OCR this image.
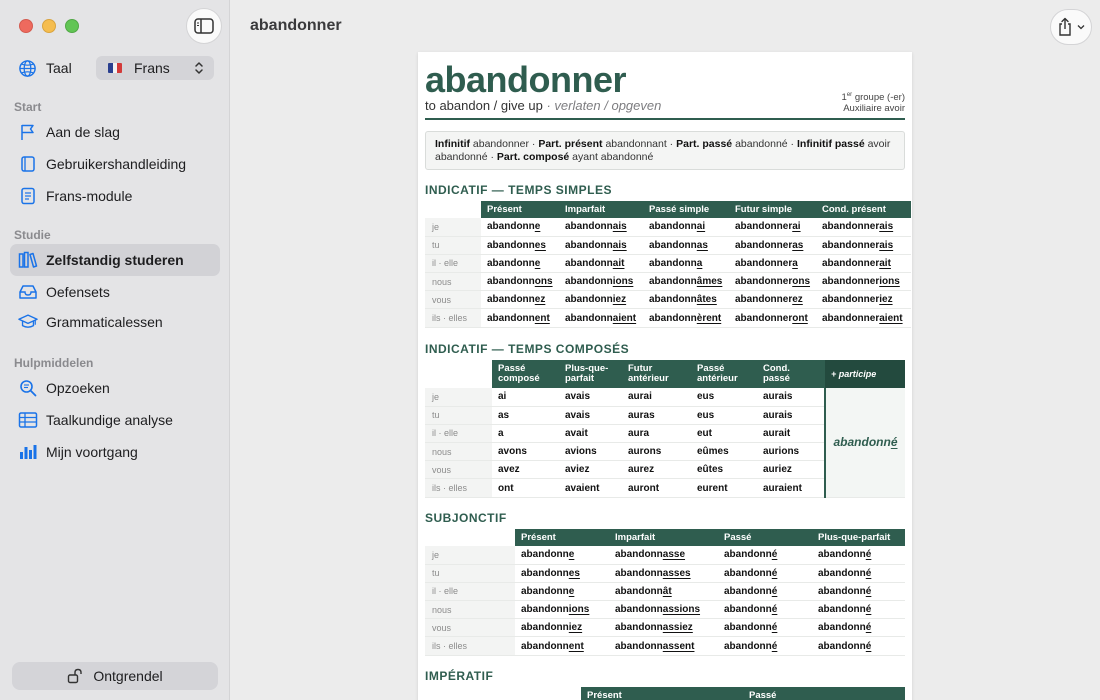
Taal	Frans
Start
Aan de slag
Gebruikershandleiding
Frans-module
Studie
Zelfstandig studeren
Oefensets
Grammaticalessen
Hulpmiddelen
Opzoeken
Taalkundige analyse
Mijn voortgang
Ontgrendel
abandonner
abandonner
to abandon / give up · verlaten / opgeven
1er groupe (-er)
Auxiliaire avoir
Infinitif abandonner · Part. présent abandonnant · Part. passé abandonné · Infinitif passé avoir abandonné · Part. composé ayant abandonné
INDICATIF — TEMPS SIMPLES
	Présent	Imparfait	Passé simple	Futur simple	Cond. présent
je	abandonne	abandonnais	abandonnai	abandonnerai	abandonnerais
tu	abandonnes	abandonnais	abandonnas	abandonneras	abandonnerais
il · elle	abandonne	abandonnait	abandonna	abandonnera	abandonnerait
nous	abandonnons	abandonnions	abandonnâmes	abandonnerons	abandonnerions
vous	abandonnez	abandonniez	abandonnâtes	abandonnerez	abandonneriez
ils · elles	abandonnent	abandonnaient	abandonnèrent	abandonneront	abandonneraient
INDICATIF — TEMPS COMPOSÉS
	Passé composé	Plus-que-parfait	Futur antérieur	Passé antérieur	Cond. passé	+ participe
je	ai	avais	aurai	eus	aurais	abandonné
tu	as	avais	auras	eus	aurais	
il · elle	a	avait	aura	eut	aurait	
nous	avons	avions	aurons	eûmes	aurions	
vous	avez	aviez	aurez	eûtes	auriez	
ils · elles	ont	avaient	auront	eurent	auraient	
SUBJONCTIF
	Présent	Imparfait	Passé	Plus-que-parfait
je	abandonne	abandonnasse	abandonné	abandonné
tu	abandonnes	abandonnasses	abandonné	abandonné
il · elle	abandonne	abandonnât	abandonné	abandonné
nous	abandonnions	abandonnassions	abandonné	abandonné
vous	abandonniez	abandonnassiez	abandonné	abandonné
ils · elles	abandonnent	abandonnassent	abandonné	abandonné
IMPÉRATIF
	Présent	Passé
